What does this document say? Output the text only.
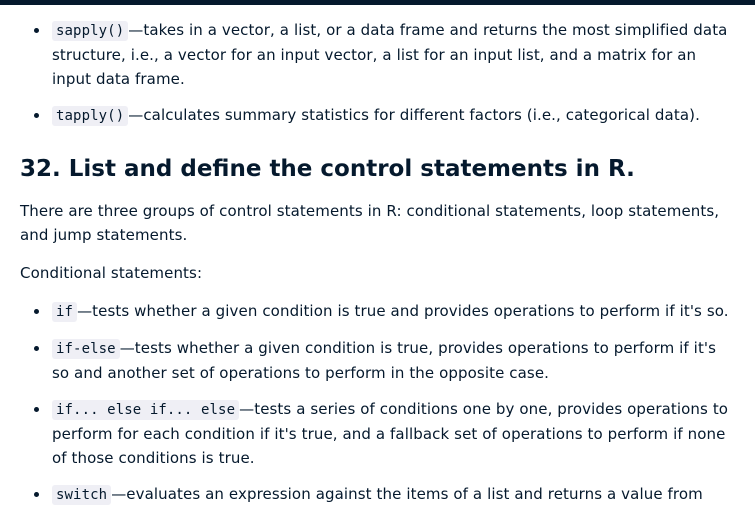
sapply() —takes in a vector, a list, or a data frame and returns the most simplified data structure, i.e., a vector for an input vector, a list for an input list, and a matrix for an input data frame.
tapply() —calculates summary statistics for different factors (i.e., categorical data).
32. List and define the control statements in R.

There are three groups of control statements in R: conditional statements, loop statements, and jump statements.

Conditional statements:

if —tests whether a given condition is true and provides operations to perform if it's so.
if-else —tests whether a given condition is true, provides operations to perform if it's so and another set of operations to perform in the opposite case.
if... else if... else —tests a series of conditions one by one, provides operations to perform for each condition if it's true, and a fallback set of operations to perform if none of those conditions is true.
switch —evaluates an expression against the items of a list and returns a value from
